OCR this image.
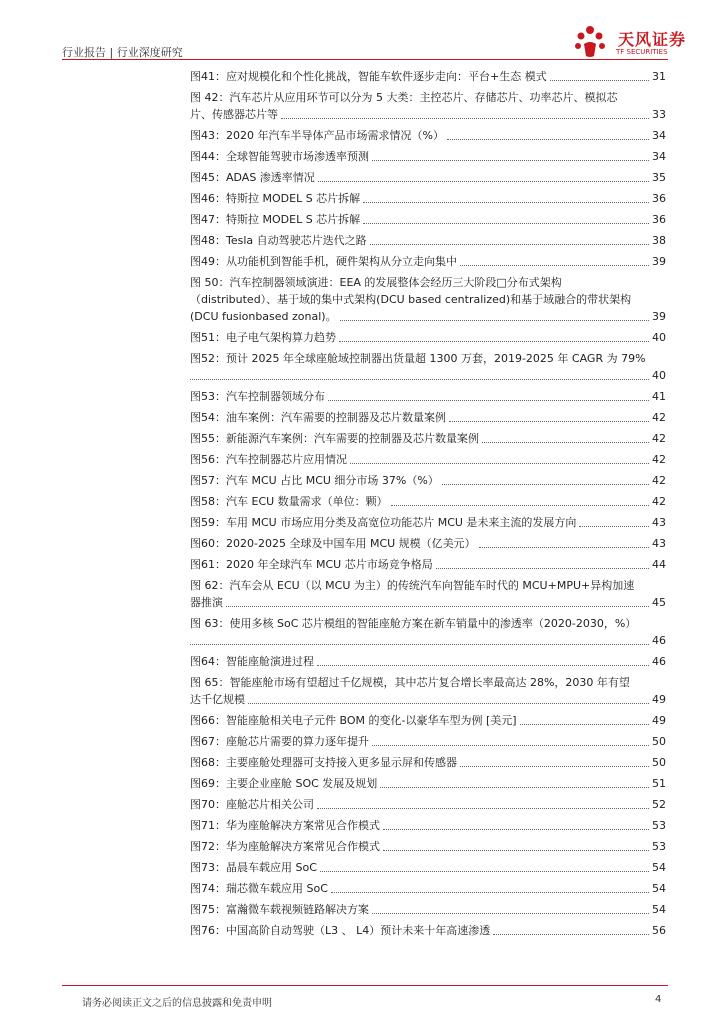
行业报告 | 行业深度研究
天风证券
TF SECURITIES
图41：应对规模化和个性化挑战，智能车软件逐步走向：平台+生态 模式	31
图 42：汽车芯片从应用环节可以分为 5 大类：主控芯片、存储芯片、功率芯片、模拟芯
片、传感器芯片等	33
图43：2020 年汽车半导体产品市场需求情况（%）	34
图44：全球智能驾驶市场渗透率预测	34
图45：ADAS 渗透率情况	35
图46：特斯拉 MODEL S 芯片拆解	36
图47：特斯拉 MODEL S 芯片拆解	36
图48：Tesla 自动驾驶芯片迭代之路	38
图49：从功能机到智能手机，硬件架构从分立走向集中	39
图 50：汽车控制器领域演进：EEA 的发展整体会经历三大阶段□分布式架构
（distributed）、基于域的集中式架构(DCU based centralized)和基于域融合的带状架构
(DCU fusionbased zonal)。	39
图51：电子电气架构算力趋势	40
图52：预计 2025 年全球座舱域控制器出货量超 1300 万套，2019-2025 年 CAGR 为 79%
40
图53：汽车控制器领域分布	41
图54：油车案例：汽车需要的控制器及芯片数量案例	42
图55：新能源汽车案例：汽车需要的控制器及芯片数量案例	42
图56：汽车控制器芯片应用情况	42
图57：汽车 MCU 占比 MCU 细分市场 37%（%）	42
图58：汽车 ECU 数量需求（单位：颗）	42
图59：车用 MCU 市场应用分类及高宽位功能芯片 MCU 是未来主流的发展方向	43
图60：2020-2025 全球及中国车用 MCU 规模（亿美元）	43
图61：2020 年全球汽车 MCU 芯片市场竞争格局	44
图 62：汽车会从 ECU（以 MCU 为主）的传统汽车向智能车时代的 MCU+MPU+异构加速
器推演	45
图 63：使用多核 SoC 芯片模组的智能座舱方案在新车销量中的渗透率（2020-2030，%）
46
图64：智能座舱演进过程	46
图 65：智能座舱市场有望超过千亿规模，其中芯片复合增长率最高达 28%，2030 年有望
达千亿规模	49
图66：智能座舱相关电子元件 BOM 的变化-以豪华车型为例 [美元]	49
图67：座舱芯片需要的算力逐年提升	50
图68：主要座舱处理器可支持接入更多显示屏和传感器	50
图69：主要企业座舱 SOC 发展及规划	51
图70：座舱芯片相关公司	52
图71：华为座舱解决方案常见合作模式	53
图72：华为座舱解决方案常见合作模式	53
图73：晶晨车载应用 SoC	54
图74：瑞芯微车载应用 SoC	54
图75：富瀚微车载视频链路解决方案	54
图76：中国高阶自动驾驶（L3 、 L4）预计未来十年高速渗透	56
请务必阅读正文之后的信息披露和免责申明	4
